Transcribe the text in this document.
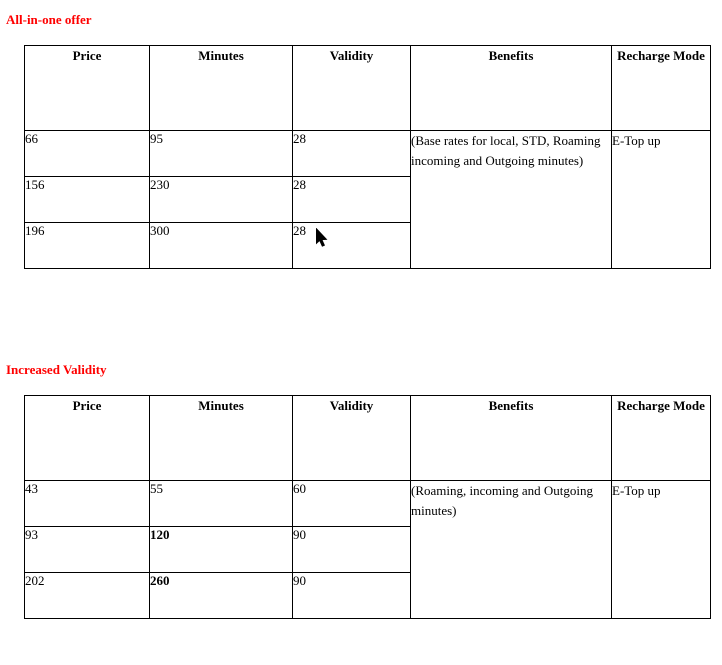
All-in-one offer
Price	Minutes	Validity	Benefits	Recharge Mode
66	95	28	(Base rates for local, STD, Roaming incoming and Outgoing minutes)	E-Top up
156	230	28		
196	300	28		
Increased Validity
Price	Minutes	Validity	Benefits	Recharge Mode
43	55	60	(Roaming, incoming and Outgoing minutes)	E-Top up
93	120	90		
202	260	90		
